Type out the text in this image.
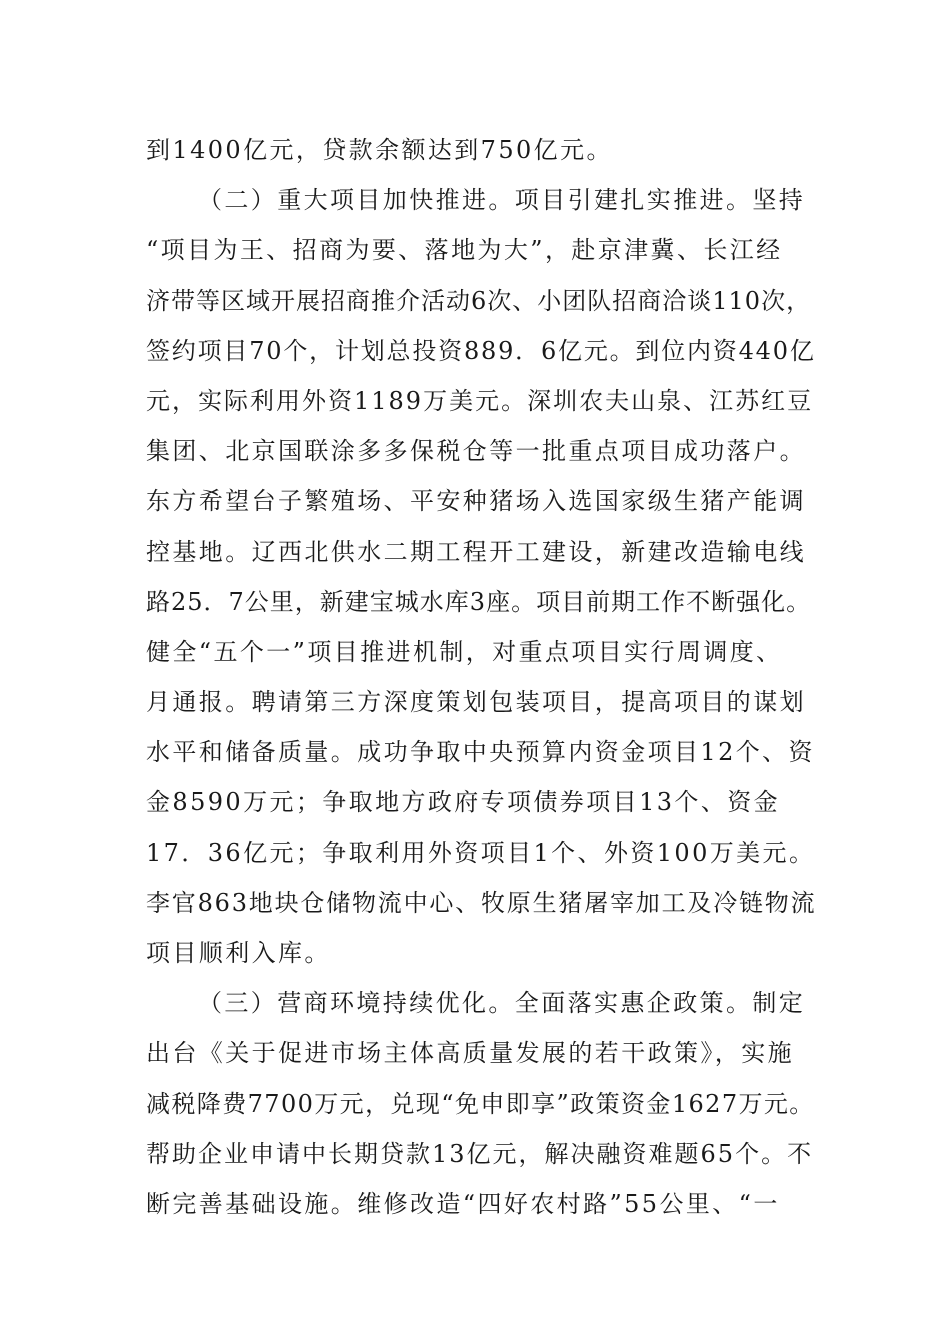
到1400亿元，贷款余额达到750亿元。
（二）重大项目加快推进。项目引建扎实推进。坚持
“项目为王、招商为要、落地为大”，赴京津冀、长江经
济带等区域开展招商推介活动6次、小团队招商洽谈110次，
签约项目70个，计划总投资889．6亿元。到位内资440亿
元，实际利用外资1189万美元。深圳农夫山泉、江苏红豆
集团、北京国联涂多多保税仓等一批重点项目成功落户。
东方希望台子繁殖场、平安种猪场入选国家级生猪产能调
控基地。辽西北供水二期工程开工建设，新建改造输电线
路25．7公里，新建宝城水库3座。项目前期工作不断强化。
健全“五个一”项目推进机制，对重点项目实行周调度、
月通报。聘请第三方深度策划包装项目，提高项目的谋划
水平和储备质量。成功争取中央预算内资金项目12个、资
金8590万元；争取地方政府专项债券项目13个、资金
17．36亿元；争取利用外资项目1个、外资100万美元。
李官863地块仓储物流中心、牧原生猪屠宰加工及冷链物流
项目顺利入库。
（三）营商环境持续优化。全面落实惠企政策。制定
出台《关于促进市场主体高质量发展的若干政策》，实施
减税降费7700万元，兑现“免申即享”政策资金1627万元。
帮助企业申请中长期贷款13亿元，解决融资难题65个。不
断完善基础设施。维修改造“四好农村路”55公里、“一
